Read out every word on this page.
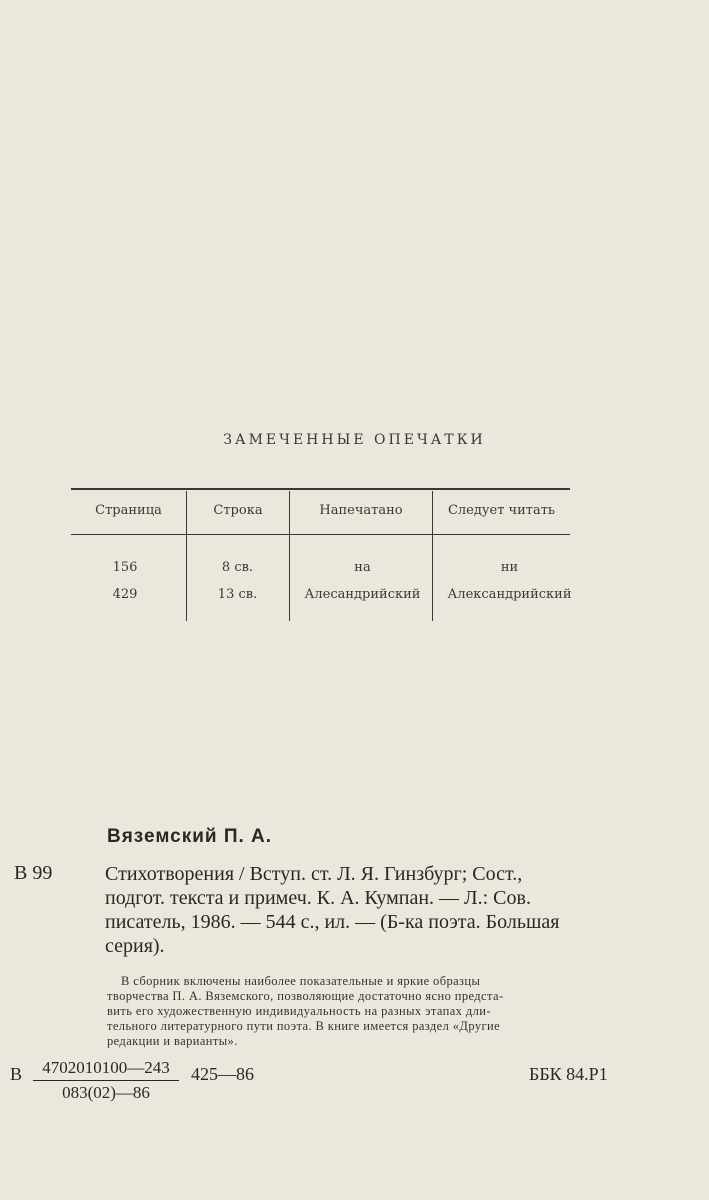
ЗАМЕЧЕННЫЕ ОПЕЧАТКИ
Страница	Строка	Напечатано	Следует читать
156	8 св.	на	ни
429	13 св.	Алесандрийский	Александрийский
Вяземский П. А.
В 99	Стихотворения / Вступ. ст. Л. Я. Гинзбург; Сост.,
подгот. текста и примеч. К. А. Кумпан. — Л.: Сов.
писатель, 1986. — 544 с., ил. — (Б-ка поэта. Большая
серия).
В сборник включены наиболее показательные и яркие образцы
творчества П. А. Вяземского, позволяющие достаточно ясно предста-
вить его художественную индивидуальность на разных этапах дли-
тельного литературного пути поэта. В книге имеется раздел «Другие
редакции и варианты».
В $\frac{4702010100—243}{083(02)—86}$ 425—86	ББК 84.Р1
